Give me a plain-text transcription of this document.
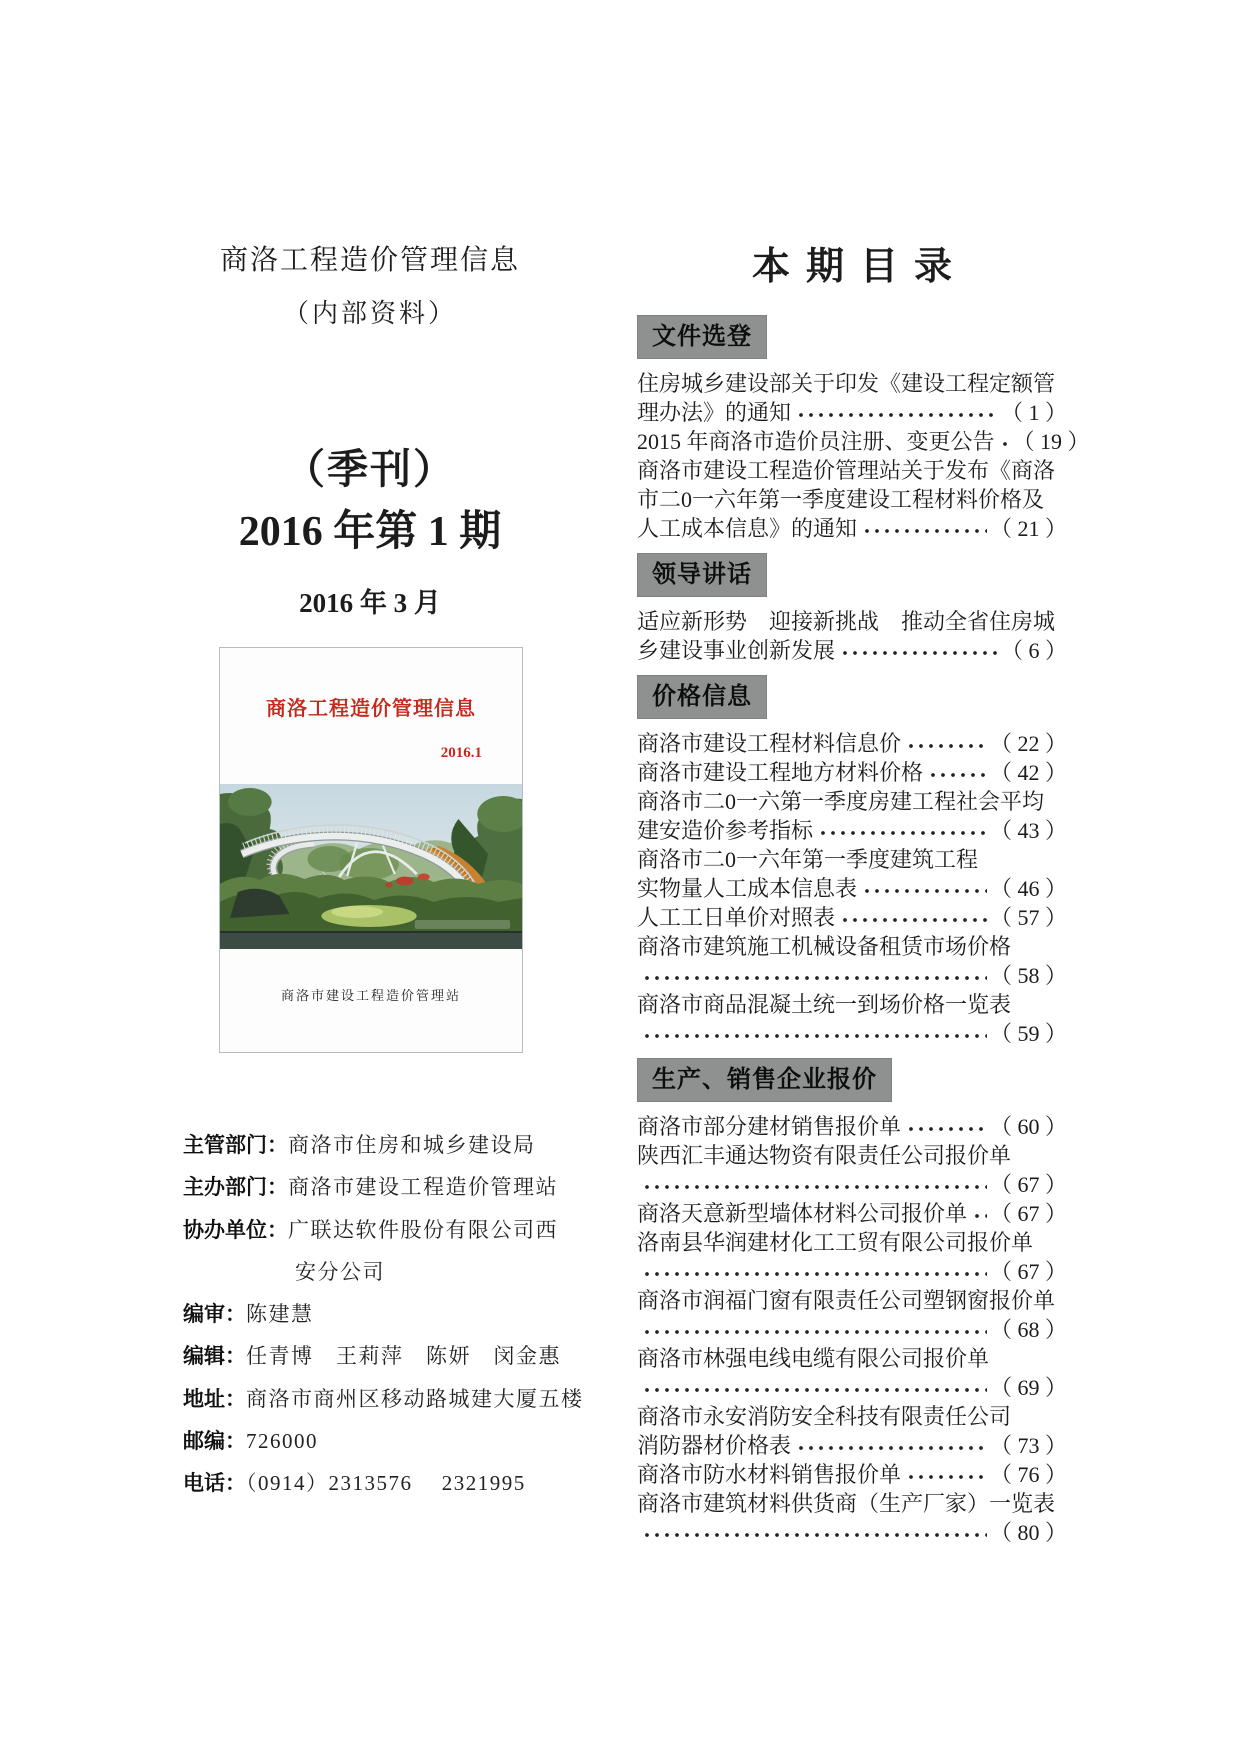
商洛工程造价管理信息
（内部资料）
（季刊）
2016 年第 1 期
2016 年 3 月
商洛工程造价管理信息
2016.1
商洛市建设工程造价管理站
主管部门：商洛市住房和城乡建设局
主办部门：商洛市建设工程造价管理站
协办单位：广联达软件股份有限公司西
安分公司
编审：陈建慧
编辑：任青博　王莉萍　陈妍　闵金惠
地址：商洛市商州区移动路城建大厦五楼
邮编：726000
电话：（0914）2313576　 2321995
本期目录
文件选登
住房城乡建设部关于印发《建设工程定额管
理办法》的通知	（ 1 ）
2015 年商洛市造价员注册、变更公告 （ 19 ）
商洛市建设工程造价管理站关于发布《商洛
市二0一六年第一季度建设工程材料价格及
人工成本信息》的通知	（ 21 ）
领导讲话
适应新形势　迎接新挑战　推动全省住房城
乡建设事业创新发展	（ 6 ）
价格信息
商洛市建设工程材料信息价	（ 22 ）
商洛市建设工程地方材料价格	（ 42 ）
商洛市二0一六第一季度房建工程社会平均
建安造价参考指标	（ 43 ）
商洛市二0一六年第一季度建筑工程
实物量人工成本信息表	（ 46 ）
人工工日单价对照表	（ 57 ）
商洛市建筑施工机械设备租赁市场价格
（ 58 ）
商洛市商品混凝土统一到场价格一览表
（ 59 ）
生产、销售企业报价
商洛市部分建材销售报价单	（ 60 ）
陕西汇丰通达物资有限责任公司报价单
（ 67 ）
商洛天意新型墙体材料公司报价单 （ 67 ）
洛南县华润建材化工工贸有限公司报价单
（ 67 ）
商洛市润福门窗有限责任公司塑钢窗报价单
（ 68 ）
商洛市林强电线电缆有限公司报价单
（ 69 ）
商洛市永安消防安全科技有限责任公司
消防器材价格表	（ 73 ）
商洛市防水材料销售报价单	（ 76 ）
商洛市建筑材料供货商（生产厂家）一览表
（ 80 ）
